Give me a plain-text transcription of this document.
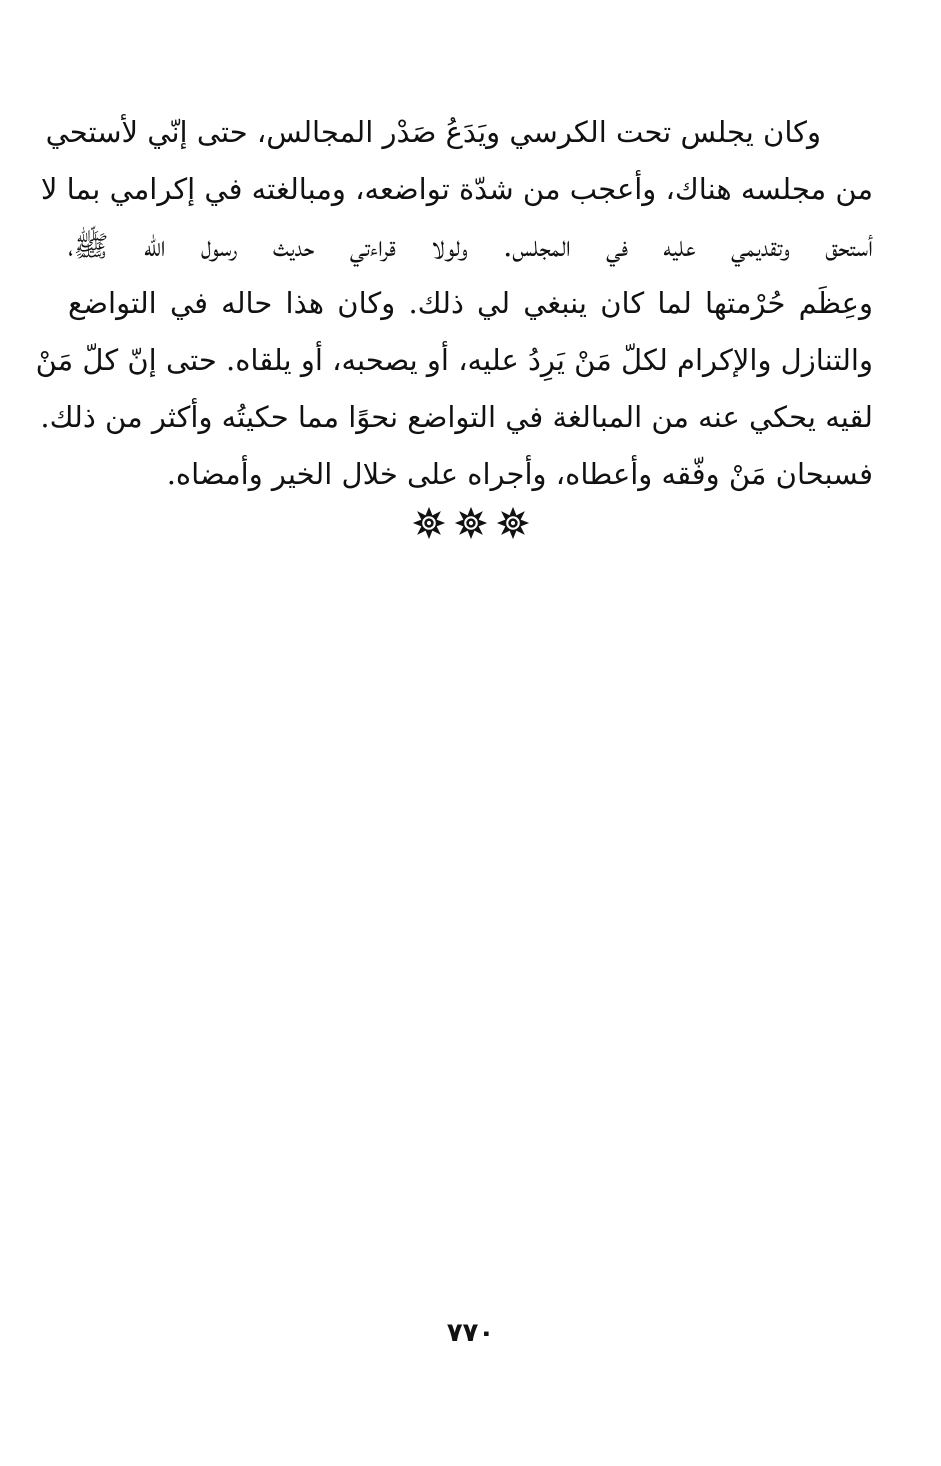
وكان يجلس تحت الكرسي ويَدَعُ صَدْر المجالس، حتى إنّي لأستحي
من مجلسه هناك، وأعجب من شدّة تواضعه، ومبالغته في إكرامي بما لا
أستحق وتقديمي عليه في المجلس. ولولا قراءتي حديث رسول الله ﷺ،
وعِظَم حُرْمتها لما كان ينبغي لي ذلك. وكان هذا حاله في التواضع
والتنازل والإكرام لكلّ مَنْ يَرِدُ عليه، أو يصحبه، أو يلقاه. حتى إنّ كلّ مَنْ
لقيه يحكي عنه من المبالغة في التواضع نحوًا مما حكيتُه وأكثر من ذلك.
فسبحان مَنْ وفّقه وأعطاه، وأجراه على خلال الخير وأمضاه.
٧٧٠
